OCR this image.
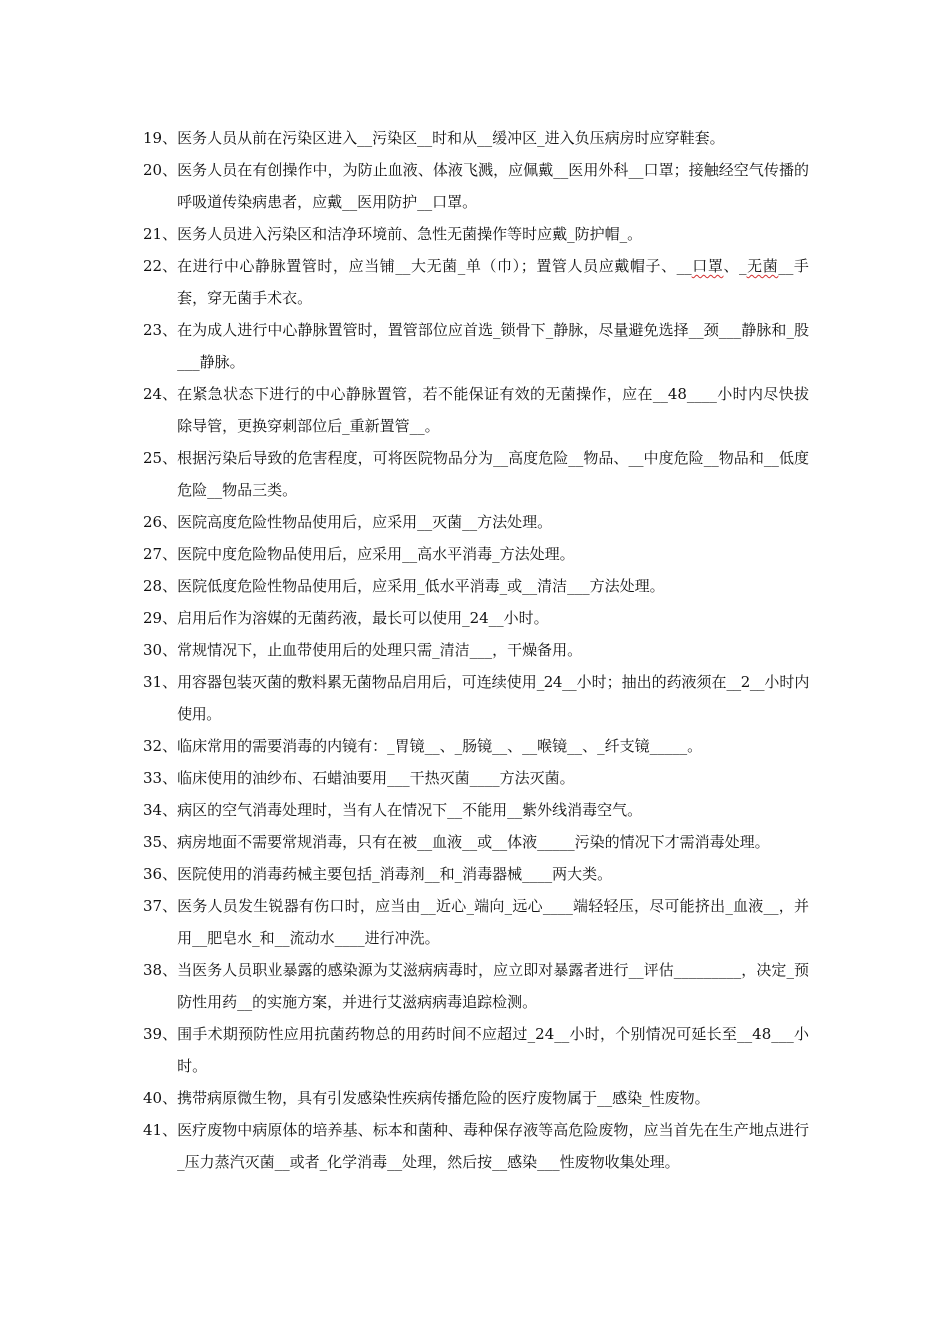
19、 医务人员从前在污染区进入__污染区__时和从__缓冲区_进入负压病房时应穿鞋套。
20、 医务人员在有创操作中，为防止血液、体液飞溅，应佩戴__医用外科__口罩；接触经空气传播的呼吸道传染病患者，应戴__医用防护__口罩。
21、 医务人员进入污染区和洁净环境前、急性无菌操作等时应戴_防护帽_。
22、 在进行中心静脉置管时，应当铺__大无菌_单（巾）；置管人员应戴帽子、__口罩、_无菌__手套，穿无菌手术衣。
23、 在为成人进行中心静脉置管时，置管部位应首选_锁骨下_静脉，尽量避免选择__颈___静脉和_股___静脉。
24、 在紧急状态下进行的中心静脉置管，若不能保证有效的无菌操作，应在__48____小时内尽快拔除导管，更换穿刺部位后_重新置管__。
25、 根据污染后导致的危害程度，可将医院物品分为__高度危险__物品、__中度危险__物品和__低度危险__物品三类。
26、 医院高度危险性物品使用后，应采用__灭菌__方法处理。
27、 医院中度危险物品使用后，应采用__高水平消毒_方法处理。
28、 医院低度危险性物品使用后，应采用_低水平消毒_或__清洁___方法处理。
29、 启用后作为溶媒的无菌药液，最长可以使用_24__小时。
30、 常规情况下，止血带使用后的处理只需_清洁___，干燥备用。
31、 用容器包装灭菌的敷料累无菌物品启用后，可连续使用_24__小时；抽出的药液须在__2__小时内使用。
32、 临床常用的需要消毒的内镜有：_胃镜__、_肠镜__、__喉镜__、_纤支镜_____。
33、 临床使用的油纱布、石蜡油要用___干热灭菌____方法灭菌。
34、 病区的空气消毒处理时，当有人在情况下__不能用__紫外线消毒空气。
35、 病房地面不需要常规消毒，只有在被__血液__或__体液_____污染的情况下才需消毒处理。
36、 医院使用的消毒药械主要包括_消毒剂__和_消毒器械____两大类。
37、 医务人员发生锐器有伤口时，应当由__近心_端向_远心____端轻轻压，尽可能挤出_血液__，并用__肥皂水_和__流动水____进行冲洗。
38、 当医务人员职业暴露的感染源为艾滋病病毒时，应立即对暴露者进行__评估_________，决定_预防性用药__的实施方案，并进行艾滋病病毒追踪检测。
39、 围手术期预防性应用抗菌药物总的用药时间不应超过_24__小时，个别情况可延长至__48___小时。
40、 携带病原微生物，具有引发感染性疾病传播危险的医疗废物属于__感染_性废物。
41、 医疗废物中病原体的培养基、标本和菌种、毒种保存液等高危险废物，应当首先在生产地点进行_压力蒸汽灭菌__或者_化学消毒__处理，然后按__感染___性废物收集处理。
